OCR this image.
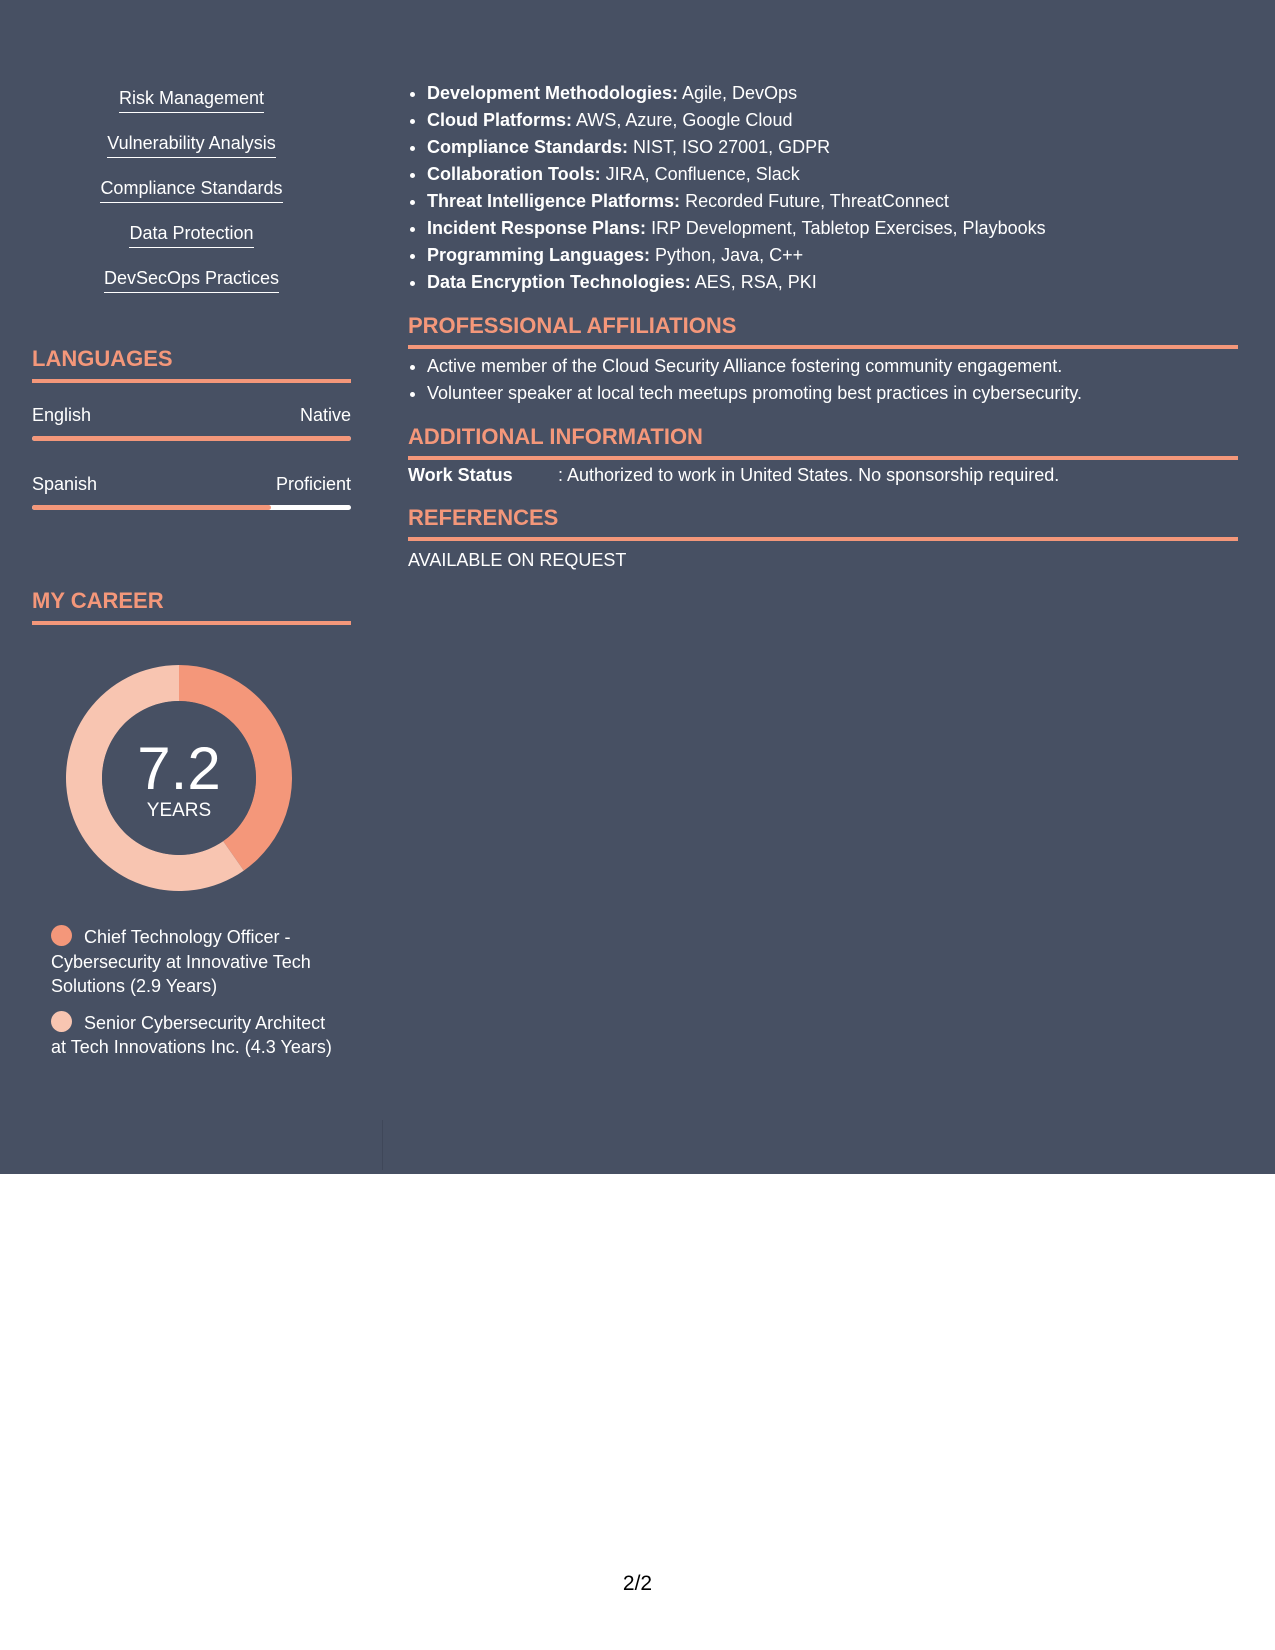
Risk Management
Vulnerability Analysis
Compliance Standards
Data Protection
DevSecOps Practices
LANGUAGES
English	Native
Spanish	Proficient
MY CAREER
7.2
YEARS
Chief Technology Officer - Cybersecurity at Innovative Tech Solutions (2.9 Years)
Senior Cybersecurity Architect at Tech Innovations Inc. (4.3 Years)
• Development Methodologies: Agile, DevOps
• Cloud Platforms: AWS, Azure, Google Cloud
• Compliance Standards: NIST, ISO 27001, GDPR
• Collaboration Tools: JIRA, Confluence, Slack
• Threat Intelligence Platforms: Recorded Future, ThreatConnect
• Incident Response Plans: IRP Development, Tabletop Exercises, Playbooks
• Programming Languages: Python, Java, C++
• Data Encryption Technologies: AES, RSA, PKI
PROFESSIONAL AFFILIATIONS
• Active member of the Cloud Security Alliance fostering community engagement.
• Volunteer speaker at local tech meetups promoting best practices in cybersecurity.
ADDITIONAL INFORMATION
Work Status	: Authorized to work in United States. No sponsorship required.
REFERENCES
AVAILABLE ON REQUEST
2/2
